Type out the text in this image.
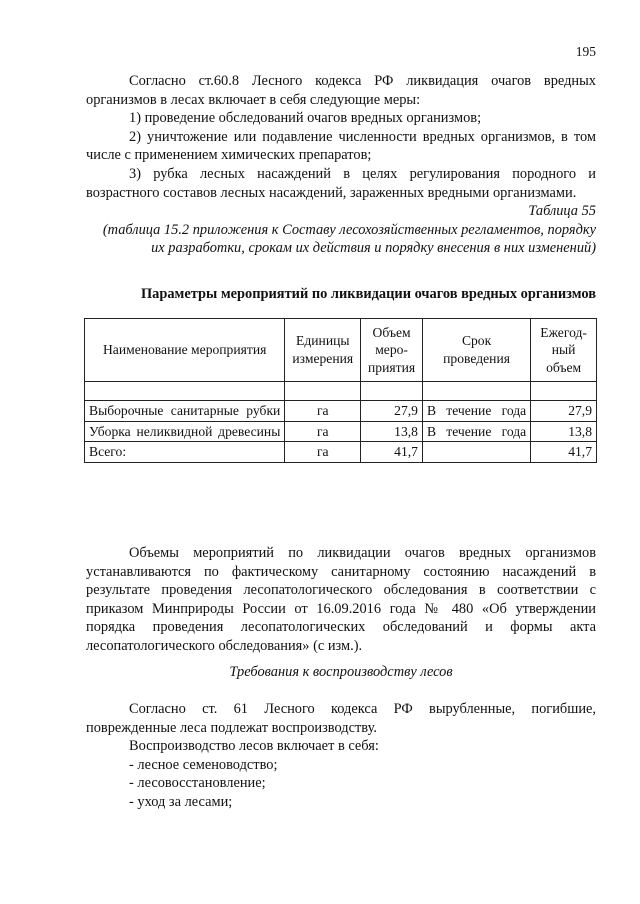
195

Согласно ст.60.8 Лесного кодекса РФ ликвидация очагов вредных организмов в лесах включает в себя следующие меры:

1) проведение обследований очагов вредных организмов;

2) уничтожение или подавление численности вредных организмов, в том числе с применением химических препаратов;

3) рубка лесных насаждений в целях регулирования породного и возрастного составов лесных насаждений, зараженных вредными организмами.

Таблица 55

(таблица 15.2 приложения к Составу лесохозяйственных регламентов, порядку их разработки, срокам их действия и порядку внесения в них изменений)

Параметры мероприятий по ликвидации очагов вредных организмов
Наименование мероприятия	Единицы измерения	Объем меро-приятия	Срок проведения	Ежегод-ный объем

Выборочные санитарные рубки	га	27,9	В течение года	27,9
Уборка неликвидной древесины	га	13,8	В течение года	13,8
Всего:	га	41,7		41,7

Объемы мероприятий по ликвидации очагов вредных организмов устанавливаются по фактическому санитарному состоянию насаждений в результате проведения лесопатологического обследования в соответствии с приказом Минприроды России от 16.09.2016 года № 480 «Об утверждении порядка проведения лесопатологических обследований и формы акта лесопатологического обследования» (с изм.).

Требования к воспроизводству лесов

Согласно ст. 61 Лесного кодекса РФ вырубленные, погибшие, поврежденные леса подлежат воспроизводству.

Воспроизводство лесов включает в себя:

- лесное семеноводство;
- лесовосстановление;
- уход за лесами;
